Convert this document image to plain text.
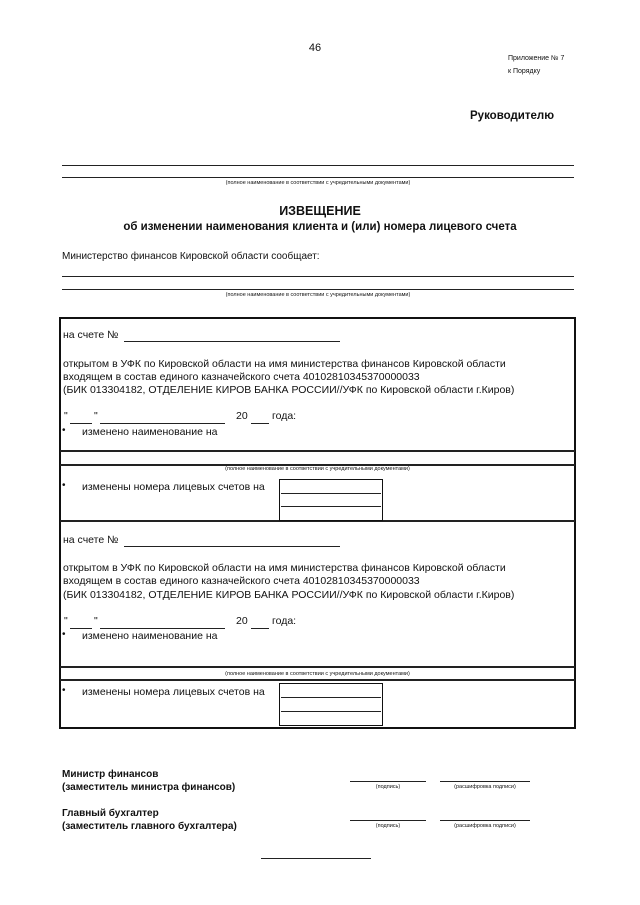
46
Приложение № 7
к Порядку
Руководителю
(полное наименование в соответствии с учредительными документами)
ИЗВЕЩЕНИЕ
об изменении наименования клиента и (или) номера лицевого счета
Министерство финансов Кировской области сообщает:
(полное наименование в соответствии с учредительными документами)
на счете №
открытом в УФК по Кировской области на имя министерства финансов Кировской области
входящем в состав единого казначейского счета 40102810345370000033
(БИК 013304182, ОТДЕЛЕНИЕ КИРОВ БАНКА РОССИИ//УФК по Кировской области г.Киров)
"	"	20 года:
• изменено наименование на
(полное наименование в соответствии с учредительными документами)
• изменены номера лицевых счетов на
на счете №
открытом в УФК по Кировской области на имя министерства финансов Кировской области
входящем в состав единого казначейского счета 40102810345370000033
(БИК 013304182, ОТДЕЛЕНИЕ КИРОВ БАНКА РОССИИ//УФК по Кировской области г.Киров)
"	"	20 года:
• изменено наименование на
(полное наименование в соответствии с учредительными документами)
• изменены номера лицевых счетов на
Министр финансов
(заместитель министра финансов)	(подпись)	(расшифровка подписи)
Главный бухгалтер
(заместитель главного бухгалтера)	(подпись)	(расшифровка подписи)
